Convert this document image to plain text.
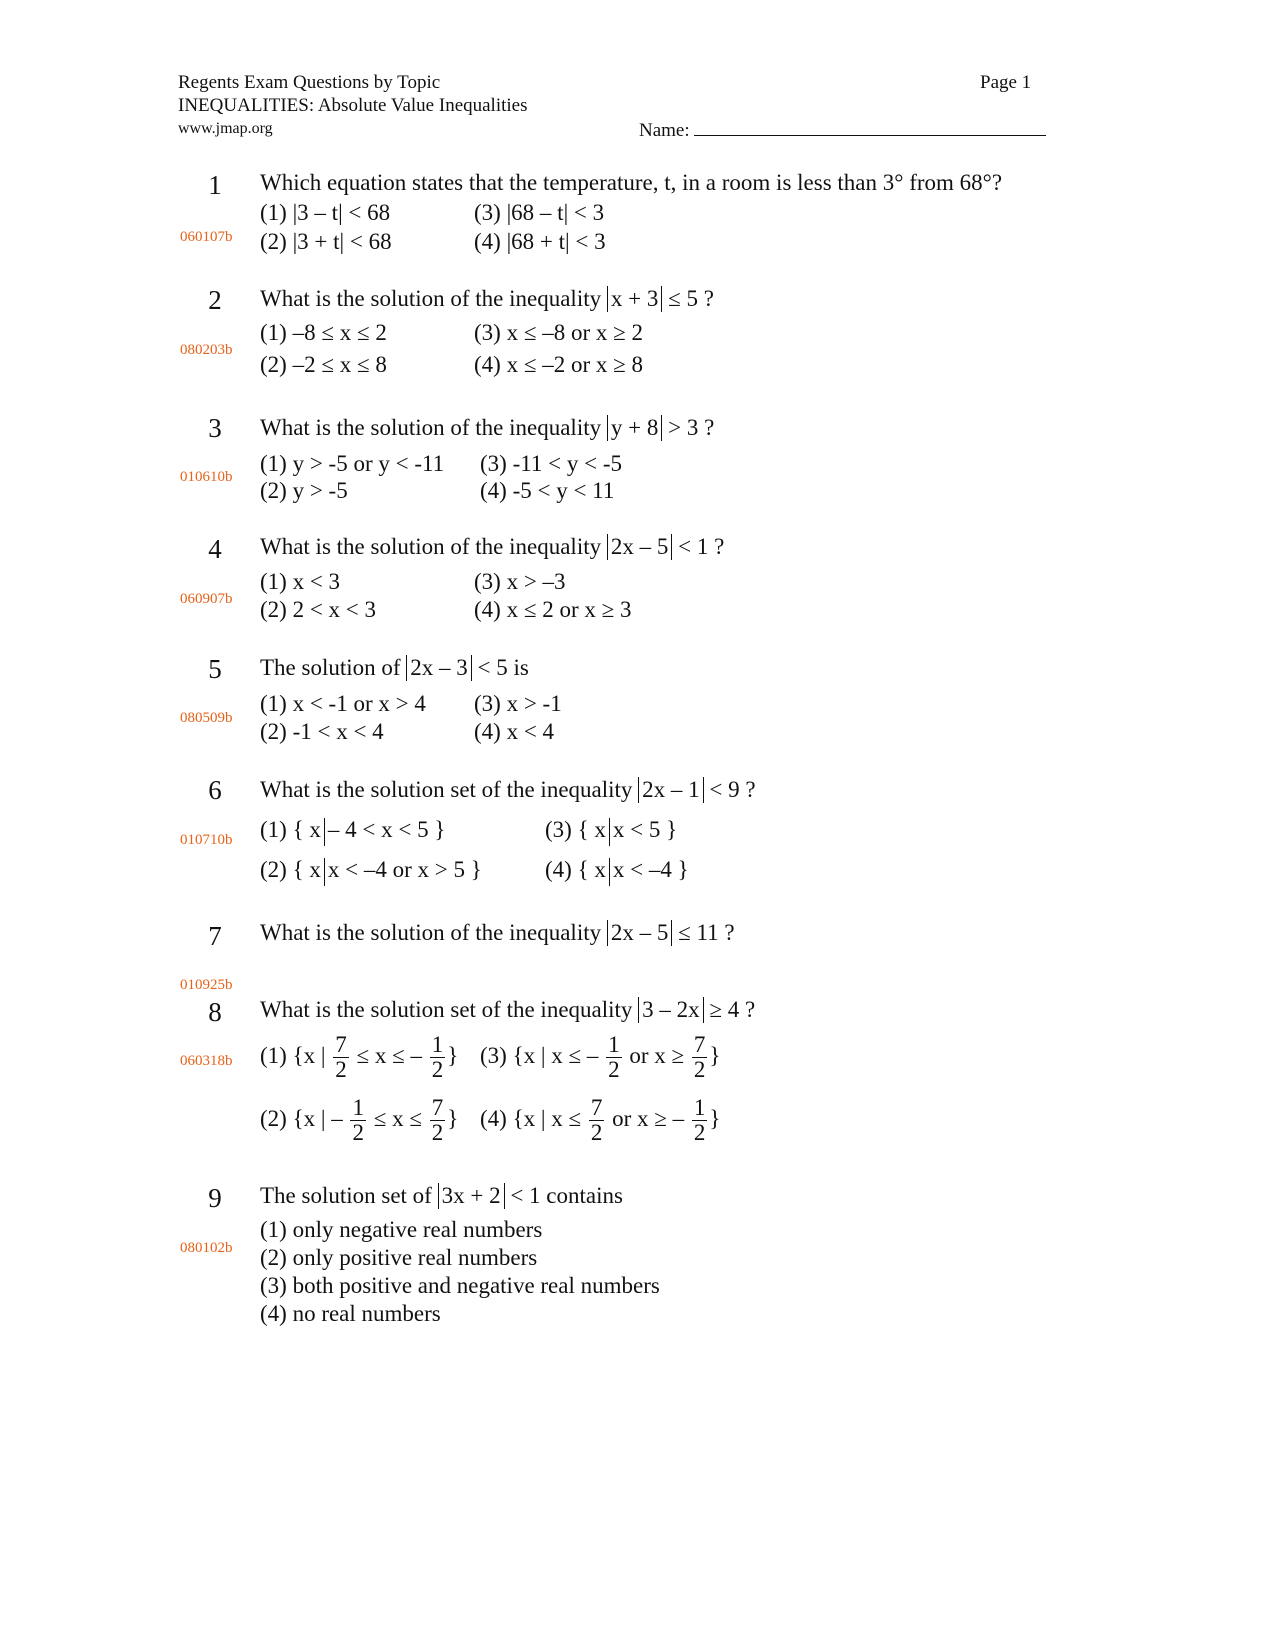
Regents Exam Questions by Topic
INEQUALITIES: Absolute Value Inequalities
www.jmap.org
Page 1
Name:
1
060107b
Which equation states that the temperature, t, in a room is less than 3° from 68°?
(1) |3 – t| < 68	(3) |68 – t| < 3
(2) |3 + t| < 68	(4) |68 + t| < 3
2
080203b
What is the solution of the inequality x + 3 ≤ 5 ?
(1) –8 ≤ x ≤ 2	(3) x ≤ –8 or x ≥ 2
(2) –2 ≤ x ≤ 8	(4) x ≤ –2 or x ≥ 8
3
010610b
What is the solution of the inequality y + 8 > 3 ?
(1) y > -5 or y < -11 (3) -11 < y < -5
(2) y > -5	(4) -5 < y < 11
4
060907b
What is the solution of the inequality 2x – 5 < 1 ?
(1) x < 3	(3) x > –3
(2) 2 < x < 3	(4) x ≤ 2 or x ≥ 3
5
080509b
The solution of 2x – 3 < 5 is
(1) x < -1 or x > 4 (3) x > -1
(2) -1 < x < 4	(4) x < 4
6
010710b
What is the solution set of the inequality 2x – 1 < 9 ?
(1) { x – 4 < x < 5 }	(3) { x x < 5 }
(2) { x x < –4 or x > 5 }	(4) { x x < –4 }
7
010925b
What is the solution of the inequality 2x – 5 ≤ 11 ?
8
060318b
What is the solution set of the inequality 3 – 2x ≥ 4 ?
(1) {x | $\frac{7}{2} \le x$ ≤ – $\frac{1}{2}$ } (3) {x | x ≤ – $\frac{1}{2}$ or $x \ge \frac{7}{2}$ }
(2) {x | – $\frac{1}{2} \le x \le \frac{7}{2}$ } (4) {x | $x \le \frac{7}{2}$ or x ≥ – $\frac{1}{2}$ }
9
080102b
The solution set of 3x + 2 < 1 contains
(1) only negative real numbers
(2) only positive real numbers
(3) both positive and negative real numbers
(4) no real numbers
